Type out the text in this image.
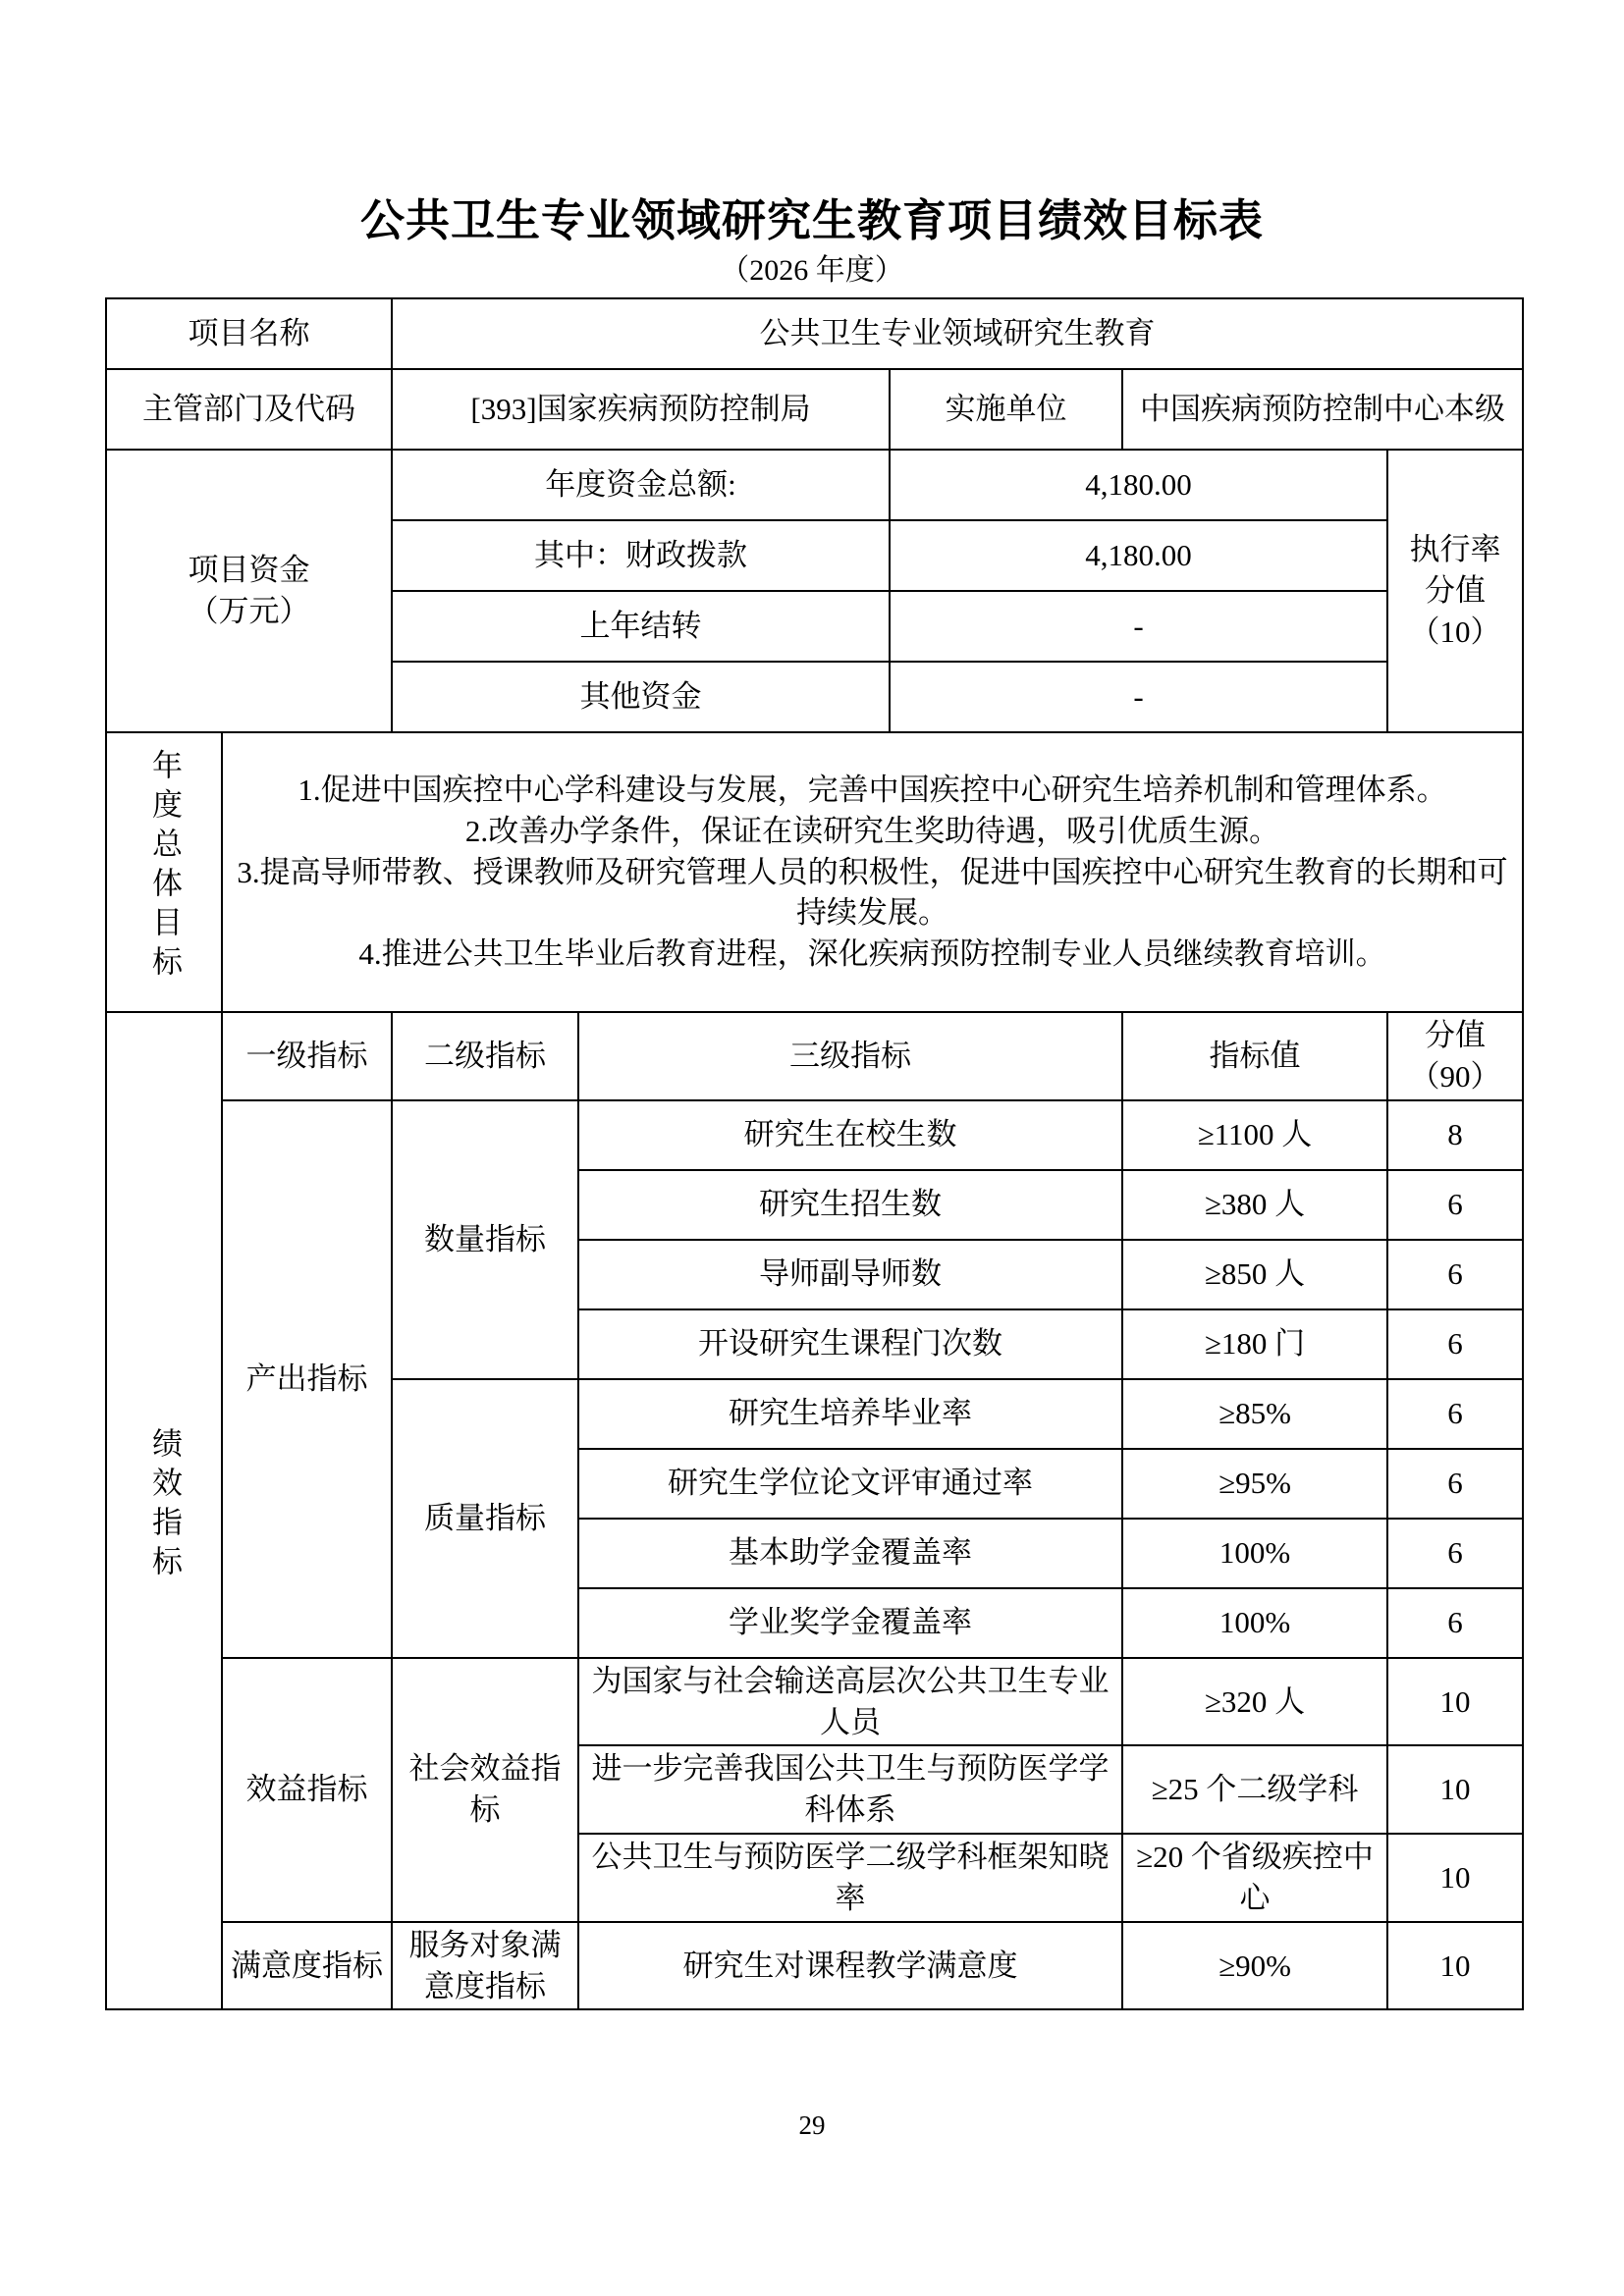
公共卫生专业领域研究生教育项目绩效目标表
（2026 年度）
项目名称		公共卫生专业领域研究生教育				
主管部门及代码		[393]国家疾病预防控制局		实施单位	中国疾病预防控制中心本级	
项目资金（万元）		年度资金总额:		4,180.00		执行率分值（10）
		其中：财政拨款		4,180.00		
		上年结转		-		
		其他资金		-		
年度总体目标	1.促进中国疾控中心学科建设与发展，完善中国疾控中心研究生培养机制和管理体系。
2.改善办学条件，保证在读研究生奖助待遇，吸引优质生源。
3.提高导师带教、授课教师及研究管理人员的积极性，促进中国疾控中心研究生教育的长期和可持续发展。
4.推进公共卫生毕业后教育进程，深化疾病预防控制专业人员继续教育培训。					

绩效指标	一级指标	二级指标	三级指标		指标值	分值（90）
	产出指标	数量指标	研究生在校生数		≥1100 人	8
			研究生招生数		≥380 人	6
			导师副导师数		≥850 人	6
			开设研究生课程门次数		≥180 门	6
		质量指标	研究生培养毕业率		≥85%	6
			研究生学位论文评审通过率		≥95%	6
			基本助学金覆盖率		100%	6
			学业奖学金覆盖率		100%	6
	效益指标	社会效益指标	为国家与社会输送高层次公共卫生专业人员		≥320 人	10
			进一步完善我国公共卫生与预防医学学科体系		≥25 个二级学科	10
			公共卫生与预防医学二级学科框架知晓率		≥20 个省级疾控中心	10
	满意度指标	服务对象满意度指标	研究生对课程教学满意度		≥90%	10
29
